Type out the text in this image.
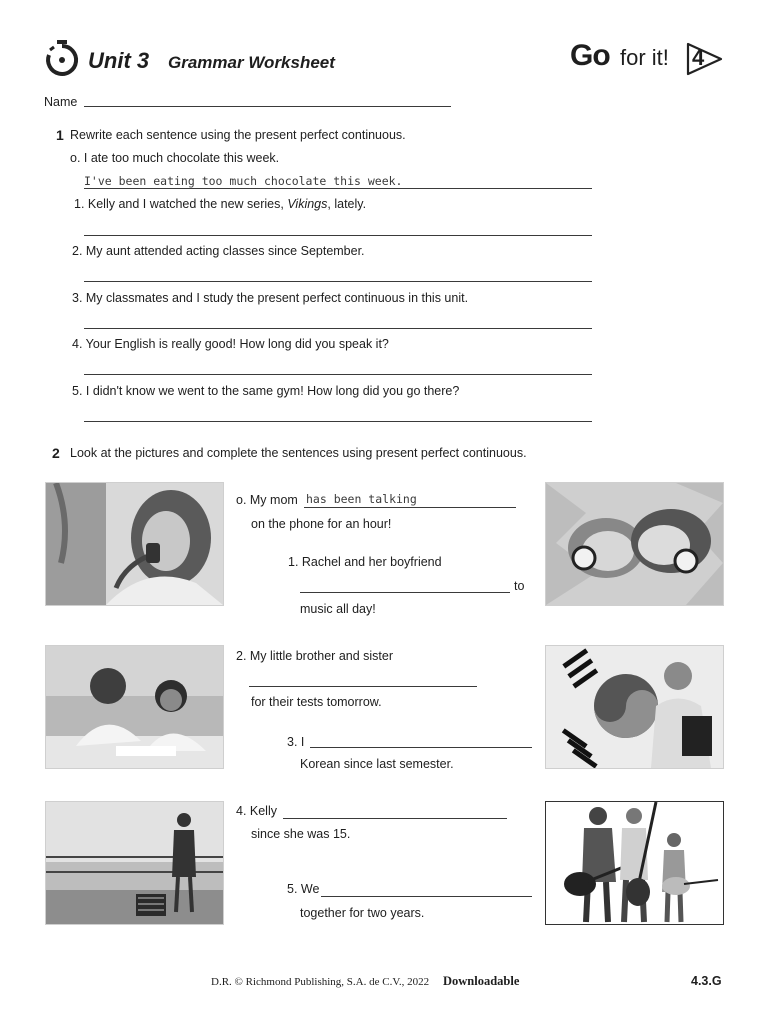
Unit 3 Grammar Worksheet	Go for it! 4
Name
1 Rewrite each sentence using the present perfect continuous.
o. I ate too much chocolate this week.
I've been eating too much chocolate this week.
1. Kelly and I watched the new series, Vikings, lately.
2. My aunt attended acting classes since September.
3. My classmates and I study the present perfect continuous in this unit.
4. Your English is really good! How long did you speak it?
5. I didn't know we went to the same gym! How long did you go there?
2 Look at the pictures and complete the sentences using present perfect continuous.
o. My mom has been talking
on the phone for an hour!
1. Rachel and her boyfriend
to
music all day!
2. My little brother and sister
for their tests tomorrow.
3. I
Korean since last semester.
4. Kelly
since she was 15.
5. We
together for two years.
D.R. © Richmond Publishing, S.A. de C.V., 2022 Downloadable	4.3.G
